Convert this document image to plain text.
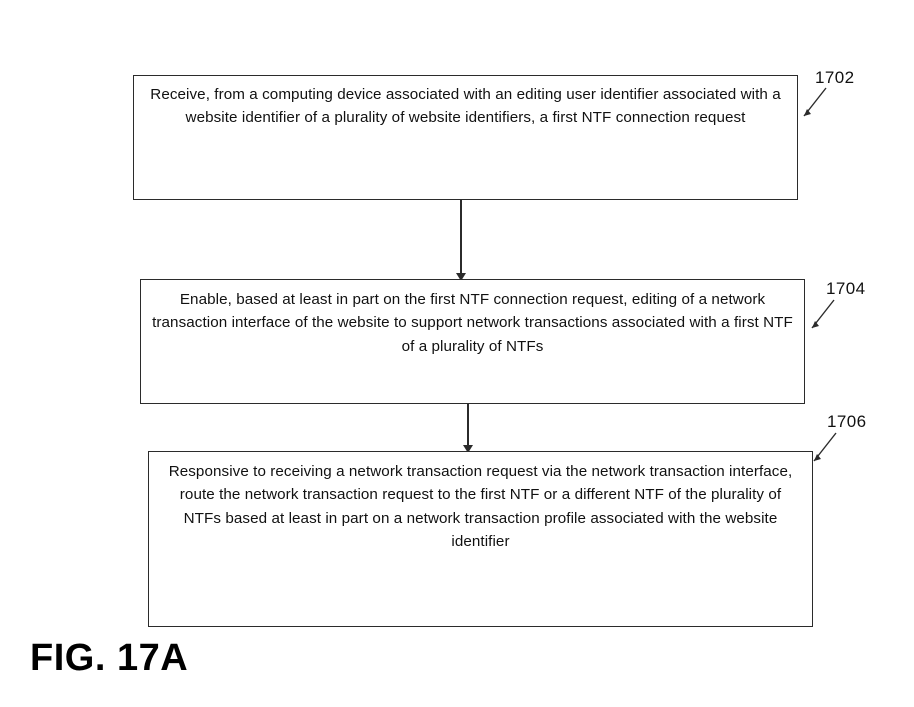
Receive, from a computing device associated with an editing user identifier associated with a website identifier of a plurality of website identifiers, a first NTF connection request
Enable, based at least in part on the first NTF connection request, editing of a network transaction interface of the website to support network transactions associated with a first NTF of a plurality of NTFs
Responsive to receiving a network transaction request via the network transaction interface, route the network transaction request to the first NTF or a different NTF of the plurality of NTFs based at least in part on a network transaction profile associated with the website identifier
1702
1704
1706
FIG. 17A
